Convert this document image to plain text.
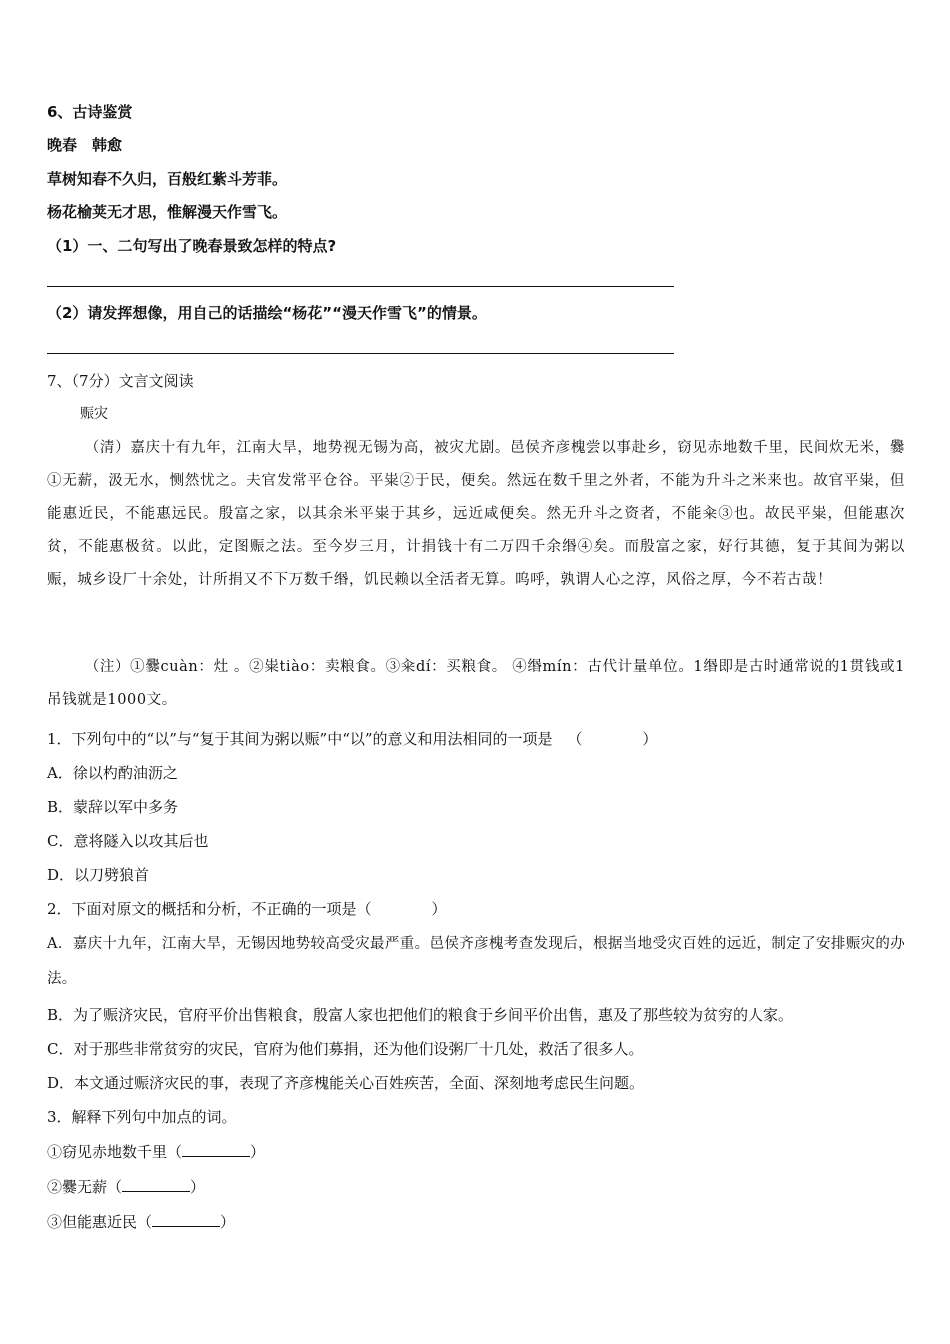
6、古诗鉴赏
晚春　韩愈
草树知春不久归，百般红紫斗芳菲。
杨花榆荚无才思，惟解漫天作雪飞。
（1）一、二句写出了晚春景致怎样的特点?
（2）请发挥想像，用自己的话描绘“杨花”“漫天作雪飞”的情景。
7、（7分）文言文阅读
赈灾
（清）嘉庆十有九年，江南大旱，地势视无锡为高，被灾尤剧。邑侯齐彦槐尝以事赴乡，窃见赤地数千里，民间炊无米，爨①无薪，汲无水，恻然忧之。夫官发常平仓谷。平粜②于民，便矣。然远在数千里之外者，不能为升斗之米来也。故官平粜，但能惠近民，不能惠远民。殷富之家，以其余米平粜于其乡，远近咸便矣。然无升斗之资者，不能籴③也。故民平粜，但能惠次贫，不能惠极贫。以此，定图赈之法。至今岁三月，计捐钱十有二万四千余缗④矣。而殷富之家，好行其德，复于其间为粥以赈，城乡设厂十余处，计所捐又不下万数千缗，饥民赖以全活者无算。呜呼，孰谓人心之淳，风俗之厚，今不若古哉！
（注）①爨cuàn：灶 。②粜tiào：卖粮食。③籴dí：买粮食。 ④缗mín：古代计量单位。1缗即是古时通常说的1贯钱或1吊钱就是1000文。
1．下列句中的“以”与“复于其间为粥以赈”中“以”的意义和用法相同的一项是 （	）
A．徐以杓酌油沥之
B．蒙辞以军中多务
C．意将隧入以攻其后也
D．以刀劈狼首
2．下面对原文的概括和分析，不正确的一项是（	）
A．嘉庆十九年，江南大旱，无锡因地势较高受灾最严重。邑侯齐彦槐考查发现后，根据当地受灾百姓的远近，制定了安排赈灾的办法。
B．为了赈济灾民，官府平价出售粮食，殷富人家也把他们的粮食于乡间平价出售，惠及了那些较为贫穷的人家。
C．对于那些非常贫穷的灾民，官府为他们募捐，还为他们设粥厂十几处，救活了很多人。
D．本文通过赈济灾民的事，表现了齐彦槐能关心百姓疾苦，全面、深刻地考虑民生问题。
3．解释下列句中加点的词。
①窃见赤地数千里（	）
②爨无薪（	）
③但能惠近民（	）
